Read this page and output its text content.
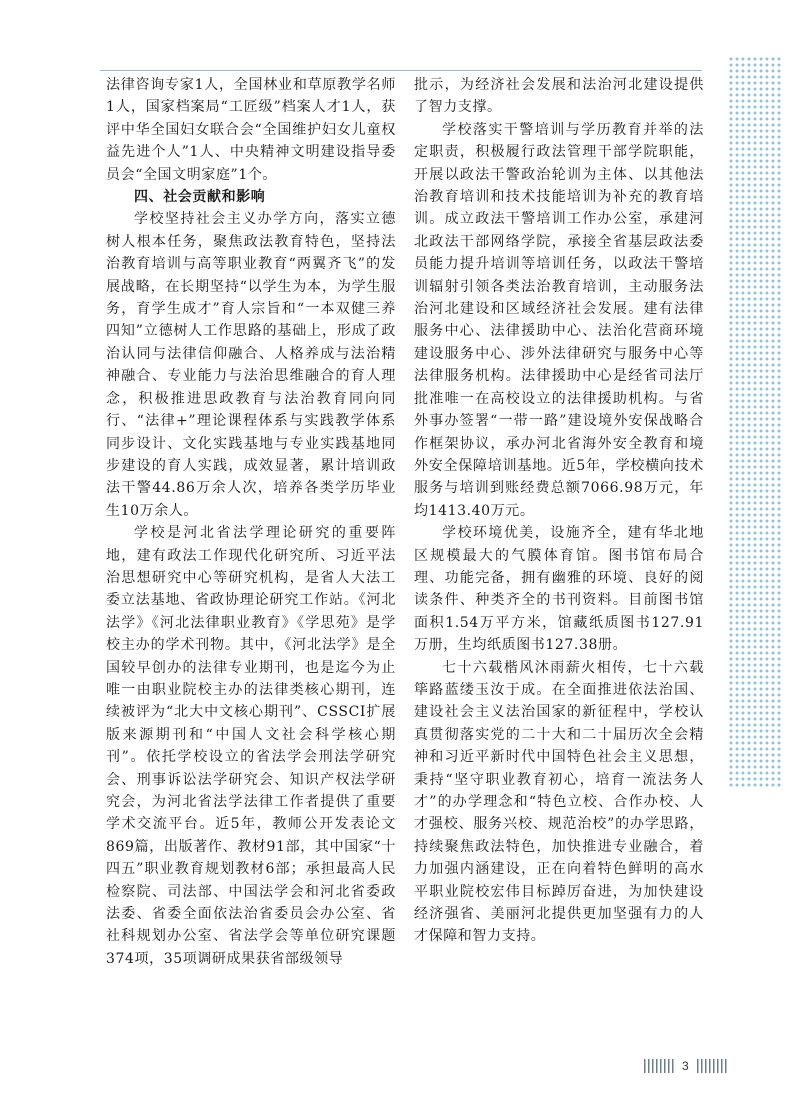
法律咨询专家1人，全国林业和草原教学名师1人，国家档案局“工匠级”档案人才1人，获评中华全国妇女联合会“全国维护妇女儿童权益先进个人”1人、中央精神文明建设指导委员会“全国文明家庭”1个。

四、社会贡献和影响

学校坚持社会主义办学方向，落实立德树人根本任务，聚焦政法教育特色，坚持法治教育培训与高等职业教育“两翼齐飞”的发展战略，在长期坚持“以学生为本，为学生服务，育学生成才”育人宗旨和“一本双健三养四知”立德树人工作思路的基础上，形成了政治认同与法律信仰融合、人格养成与法治精神融合、专业能力与法治思维融合的育人理念，积极推进思政教育与法治教育同向同行、“法律+”理论课程体系与实践教学体系同步设计、文化实践基地与专业实践基地同步建设的育人实践，成效显著，累计培训政法干警44.86万余人次，培养各类学历毕业生10万余人。

学校是河北省法学理论研究的重要阵地，建有政法工作现代化研究所、习近平法治思想研究中心等研究机构，是省人大法工委立法基地、省政协理论研究工作站。《河北法学》《河北法律职业教育》《学思苑》是学校主办的学术刊物。其中，《河北法学》是全国较早创办的法律专业期刊，也是迄今为止唯一由职业院校主办的法律类核心期刊，连续被评为“北大中文核心期刊”、CSSCI扩展版来源期刊和“中国人文社会科学核心期刊”。依托学校设立的省法学会刑法学研究会、刑事诉讼法学研究会、知识产权法学研究会，为河北省法学法律工作者提供了重要学术交流平台。近5年，教师公开发表论文869篇，出版著作、教材91部，其中国家“十四五”职业教育规划教材6部；承担最高人民检察院、司法部、中国法学会和河北省委政法委、省委全面依法治省委员会办公室、省社科规划办公室、省法学会等单位研究课题374项，35项调研成果获省部级领导

批示，为经济社会发展和法治河北建设提供了智力支撑。

学校落实干警培训与学历教育并举的法定职责，积极履行政法管理干部学院职能，开展以政法干警政治轮训为主体、以其他法治教育培训和技术技能培训为补充的教育培训。成立政法干警培训工作办公室，承建河北政法干部网络学院，承接全省基层政法委员能力提升培训等培训任务，以政法干警培训辐射引领各类法治教育培训，主动服务法治河北建设和区域经济社会发展。建有法律服务中心、法律援助中心、法治化营商环境建设服务中心、涉外法律研究与服务中心等法律服务机构。法律援助中心是经省司法厅批准唯一在高校设立的法律援助机构。与省外事办签署“一带一路”建设境外安保战略合作框架协议，承办河北省海外安全教育和境外安全保障培训基地。近5年，学校横向技术服务与培训到账经费总额7066.98万元，年均1413.40万元。

学校环境优美，设施齐全，建有华北地区规模最大的气膜体育馆。图书馆布局合理、功能完备，拥有幽雅的环境、良好的阅读条件、种类齐全的书刊资料。目前图书馆面积1.54万平方米，馆藏纸质图书127.91万册，生均纸质图书127.38册。

七十六载楷风沐雨薪火相传，七十六载筚路蓝缕玉汝于成。在全面推进依法治国、建设社会主义法治国家的新征程中，学校认真贯彻落实党的二十大和二十届历次全会精神和习近平新时代中国特色社会主义思想，秉持“坚守职业教育初心，培育一流法务人才”的办学理念和“特色立校、合作办校、人才强校、服务兴校、规范治校”的办学思路，持续聚焦政法特色，加快推进专业融合，着力加强内涵建设，正在向着特色鲜明的高水平职业院校宏伟目标踔厉奋进，为加快建设经济强省、美丽河北提供更加坚强有力的人才保障和智力支持。

3
